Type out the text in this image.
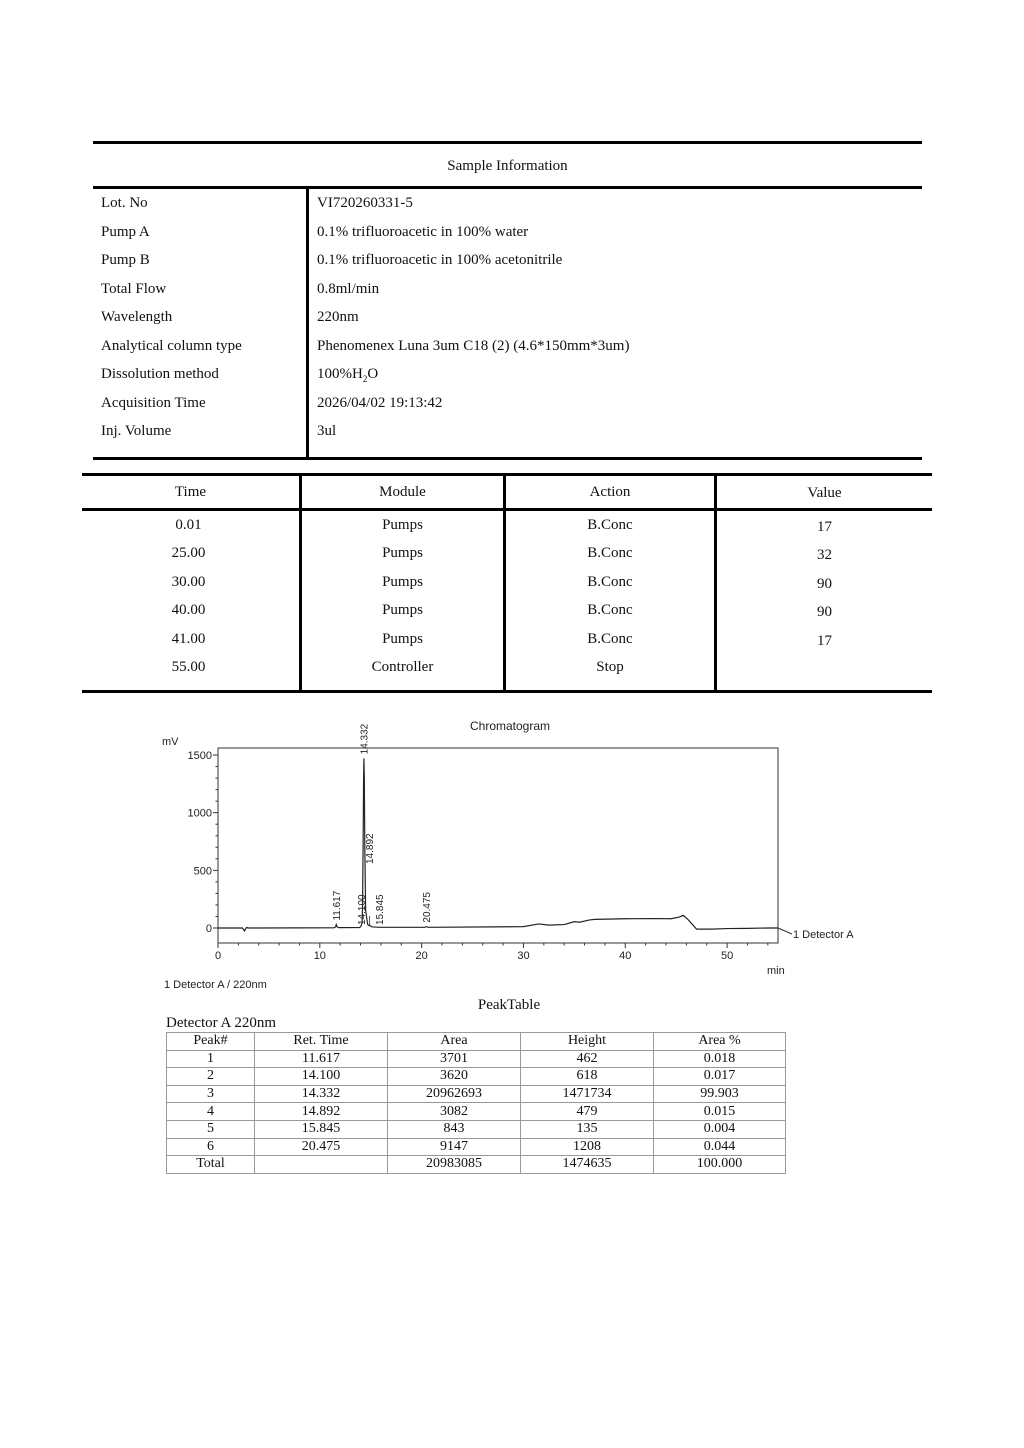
Sample Information
Lot. No	VI720260331-5
Pump A	0.1% trifluoroacetic in 100% water
Pump B	0.1% trifluoroacetic in 100% acetonitrile
Total Flow	0.8ml/min
Wavelength	220nm
Analytical column type	Phenomenex Luna 3um C18 (2) (4.6*150mm*3um)
Dissolution method	$100\%H_2O$
Acquisition Time	2026/04/02 19:13:42
Inj. Volume	3ul
Time	Module	Action	Value
0.01	Pumps	B.Conc	17
25.00	Pumps	B.Conc	32
30.00	Pumps	B.Conc	90
40.00	Pumps	B.Conc	90
41.00	Pumps	B.Conc	17
55.00	Controller	Stop
Chromatogram
mV
min
1 Detector A / 220nm
0
500
1000
1500
0	10	20	30	40	50
1 Detector A
11.617 14.100
14.332
14.892
15.845	20.475
PeakTable
Detector A 220nm
Peak#	Ret. Time	Area	Height	Area %
1	11.617	3701	462	0.018
2	14.100	3620	618	0.017
3	14.332	20962693	1471734	99.903
4	14.892	3082	479	0.015
5	15.845	843	135	0.004
6	20.475	9147	1208	0.044
Total		20983085	1474635	100.000
